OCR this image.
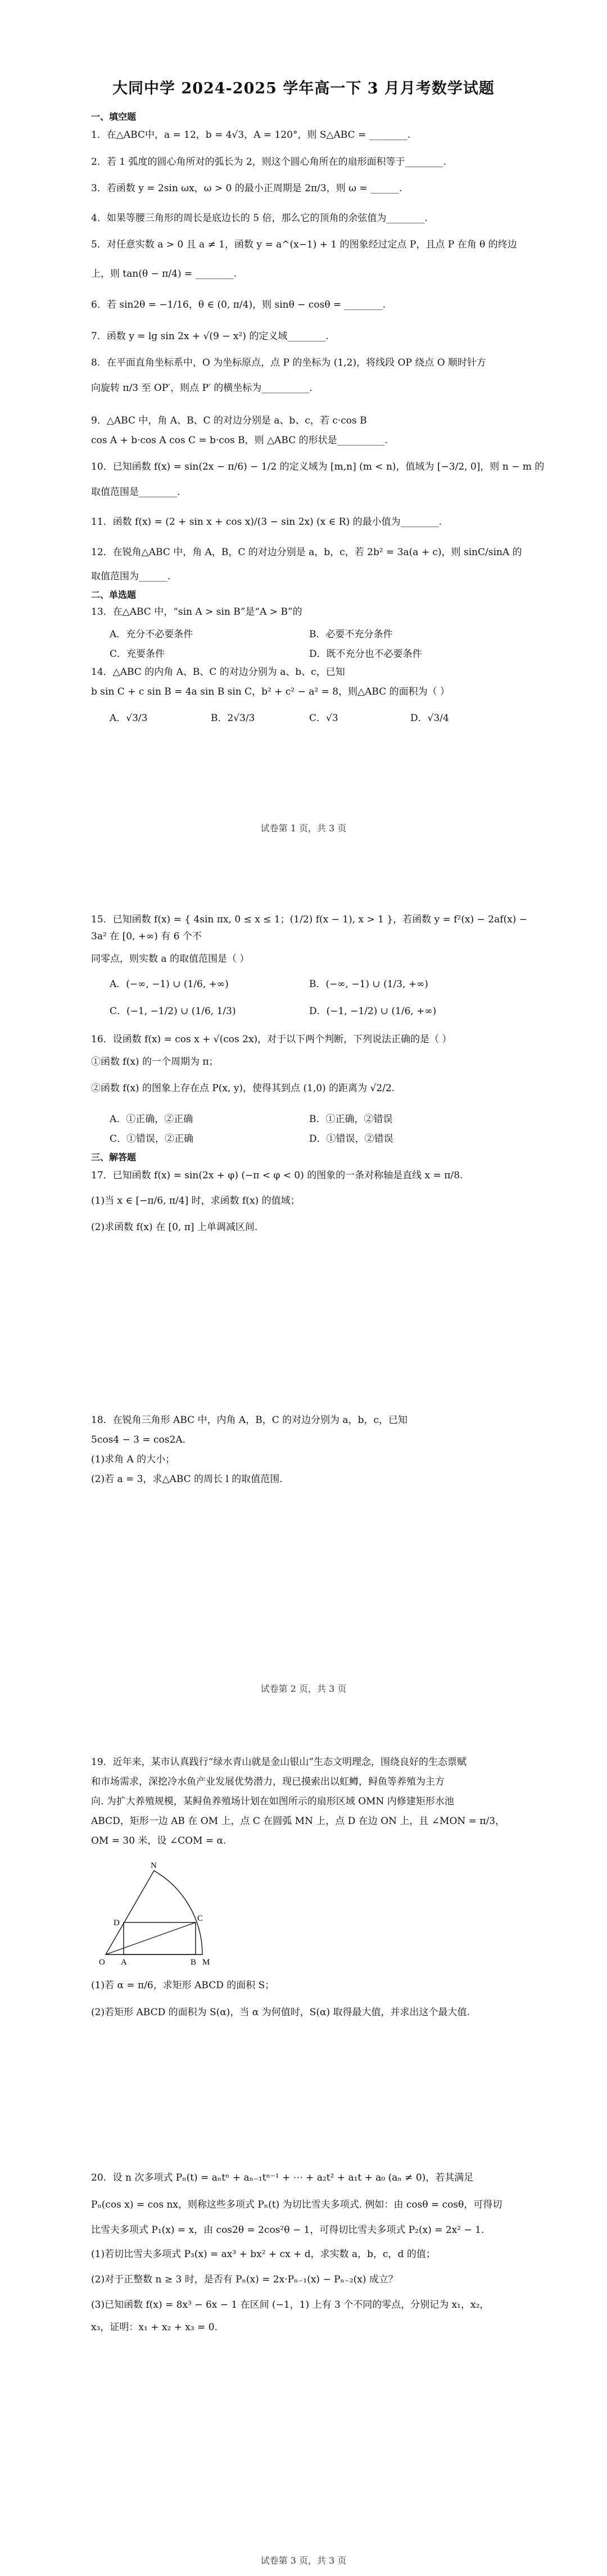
大同中学 2024-2025 学年高一下 3 月月考数学试题
一、填空题
1．在△ABC中，a = 12，b = 4√3，A = 120°，则 S△ABC = ________.
2．若 1 弧度的圆心角所对的弧长为 2，则这个圆心角所在的扇形面积等于________.
3．若函数 y = 2sin ωx，ω > 0 的最小正周期是 2π/3，则 ω = ______.
4．如果等腰三角形的周长是底边长的 5 倍，那么它的顶角的余弦值为________.
5．对任意实数 a > 0 且 a ≠ 1，函数 y = a^(x−1) + 1 的图象经过定点 P，且点 P 在角 θ 的终边
上，则 tan(θ − π/4) = ________.
6．若 sin2θ = −1/16，θ ∈ (0, π/4)，则 sinθ − cosθ = ________.
7．函数 y = lg sin 2x + √(9 − x²) 的定义域________.
8．在平面直角坐标系中，O 为坐标原点，点 P 的坐标为 (1,2)，将线段 OP 绕点 O 顺时针方
向旋转 π/3 至 OP′，则点 P′ 的横坐标为__________.
9．△ABC 中，角 A、B、C 的对边分别是 a、b、c，若 c·cos B
cos A + b·cos A cos C = b·cos B，则 △ABC 的形状是__________.
10．已知函数 f(x) = sin(2x − π/6) − 1/2 的定义域为 [m,n] (m < n)，值域为 [−3/2, 0]，则 n − m 的
取值范围是________.
11．函数 f(x) = (2 + sin x + cos x)/(3 − sin 2x) (x ∈ R) 的最小值为________.
12．在锐角△ABC 中，角 A，B，C 的对边分别是 a，b，c，若 2b² = 3a(a + c)，则 sinC/sinA 的
取值范围为______.
二、单选题
13．在△ABC 中，“sin A > sin B”是“A > B”的
A．充分不必要条件	B．必要不充分条件
C．充要条件	D．既不充分也不必要条件
14．△ABC 的内角 A、B、C 的对边分别为 a、b、c，已知
b sin C + c sin B = 4a sin B sin C，b² + c² − a² = 8，则△ABC 的面积为（ ）
A．√3/3	B．2√3/3	C．√3	D．√3/4
试卷第 1 页，共 3 页
15．已知函数 f(x) = { 4sin πx, 0 ≤ x ≤ 1；(1/2) f(x − 1), x > 1 }，若函数 y = f²(x) − 2af(x) − 3a² 在 [0, +∞) 有 6 个不
同零点，则实数 a 的取值范围是（ ）
A．(−∞, −1) ∪ (1/6, +∞)	B．(−∞, −1) ∪ (1/3, +∞)
C．(−1, −1/2) ∪ (1/6, 1/3)	D．(−1, −1/2) ∪ (1/6, +∞)
16．设函数 f(x) = cos x + √(cos 2x)，对于以下两个判断，下列说法正确的是（ ）
①函数 f(x) 的一个周期为 π；
②函数 f(x) 的图象上存在点 P(x, y)，使得其到点 (1,0) 的距离为 √2/2.
A．①正确，②正确	B．①正确，②错误
C．①错误，②正确	D．①错误，②错误
三、解答题
17．已知函数 f(x) = sin(2x + φ) (−π < φ < 0) 的图象的一条对称轴是直线 x = π/8.
(1)当 x ∈ [−π/6, π/4] 时，求函数 f(x) 的值域；
(2)求函数 f(x) 在 [0, π] 上单调减区间.
18．在锐角三角形 ABC 中，内角 A，B，C 的对边分别为 a，b，c，已知
5cos4 − 3 = cos2A.
(1)求角 A 的大小；
(2)若 a = 3，求△ABC 的周长 l 的取值范围.
试卷第 2 页，共 3 页
19．近年来，某市认真践行“绿水青山就是金山银山”生态文明理念，围绕良好的生态票赋
和市场需求，深挖冷水鱼产业发展优势潜力，现已摸索出以虹鳟，鲟鱼等养殖为主方
向. 为扩大养殖规模，某鲟鱼养殖场计划在如图所示的扇形区域 OMN 内修建矩形水池
ABCD，矩形一边 AB 在 OM 上，点 C 在圆弧 MN 上，点 D 在边 ON 上，且 ∠MON = π/3，
OM = 30 米，设 ∠COM = α.
N
D	C
O A	B M
(1)若 α = π/6，求矩形 ABCD 的面积 S；
(2)若矩形 ABCD 的面积为 S(α)，当 α 为何值时，S(α) 取得最大值，并求出这个最大值.
20．设 n 次多项式 Pₙ(t) = aₙtⁿ + aₙ₋₁tⁿ⁻¹ + ⋯ + a₂t² + a₁t + a₀ (aₙ ≠ 0)，若其满足
Pₙ(cos x) = cos nx，则称这些多项式 Pₙ(t) 为切比雪夫多项式. 例如：由 cosθ = cosθ，可得切
比雪夫多项式 P₁(x) = x，由 cos2θ = 2cos²θ − 1，可得切比雪夫多项式 P₂(x) = 2x² − 1.
(1)若切比雪夫多项式 P₃(x) = ax³ + bx² + cx + d，求实数 a，b，c，d 的值；
(2)对于正整数 n ≥ 3 时，是否有 Pₙ(x) = 2x·Pₙ₋₁(x) − Pₙ₋₂(x) 成立？
(3)已知函数 f(x) = 8x³ − 6x − 1 在区间 (−1，1) 上有 3 个不同的零点，分别记为 x₁，x₂，
x₃，证明：x₁ + x₂ + x₃ = 0.
试卷第 3 页，共 3 页
